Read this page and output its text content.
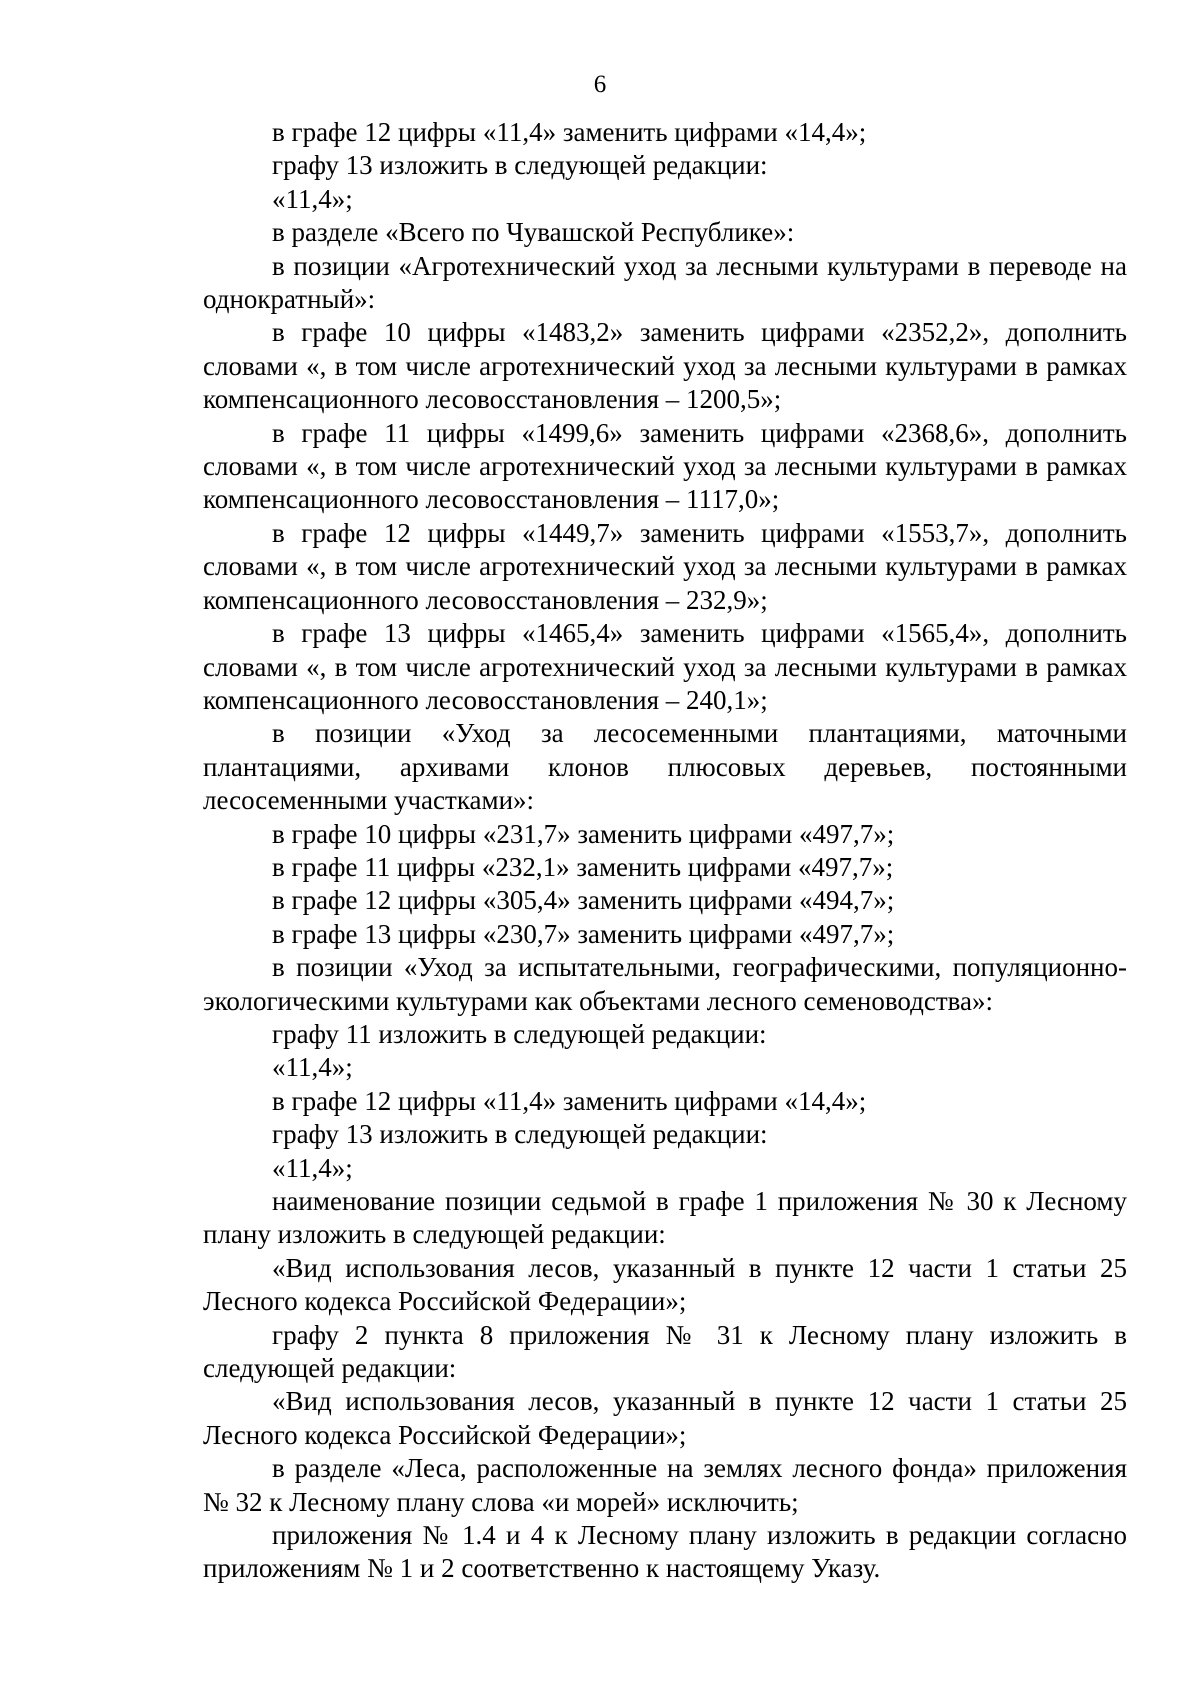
6

в графе 12 цифры «11,4» заменить цифрами «14,4»;

графу 13 изложить в следующей редакции:

«11,4»;

в разделе «Всего по Чувашской Республике»:

в позиции «Агротехнический уход за лесными культурами в переводе на однократный»:

в графе 10 цифры «1483,2» заменить цифрами «2352,2», дополнить словами «, в том числе агротехнический уход за лесными культурами в рамках компенсационного лесовосстановления – 1200,5»;

в графе 11 цифры «1499,6» заменить цифрами «2368,6», дополнить словами «, в том числе агротехнический уход за лесными культурами в рамках компенсационного лесовосстановления – 1117,0»;

в графе 12 цифры «1449,7» заменить цифрами «1553,7», дополнить словами «, в том числе агротехнический уход за лесными культурами в рамках компенсационного лесовосстановления – 232,9»;

в графе 13 цифры «1465,4» заменить цифрами «1565,4», дополнить словами «, в том числе агротехнический уход за лесными культурами в рамках компенсационного лесовосстановления – 240,1»;

в позиции «Уход за лесосеменными плантациями, маточными плантациями, архивами клонов плюсовых деревьев, постоянными лесосеменными участками»:

в графе 10 цифры «231,7» заменить цифрами «497,7»;

в графе 11 цифры «232,1» заменить цифрами «497,7»;

в графе 12 цифры «305,4» заменить цифрами «494,7»;

в графе 13 цифры «230,7» заменить цифрами «497,7»;

в позиции «Уход за испытательными, географическими, популяционно-экологическими культурами как объектами лесного семеноводства»:

графу 11 изложить в следующей редакции:

«11,4»;

в графе 12 цифры «11,4» заменить цифрами «14,4»;

графу 13 изложить в следующей редакции:

«11,4»;

наименование позиции седьмой в графе 1 приложения № 30 к Лесному плану изложить в следующей редакции:

«Вид использования лесов, указанный в пункте 12 части 1 статьи 25 Лесного кодекса Российской Федерации»;

графу 2 пункта 8 приложения № 31 к Лесному плану изложить в следующей редакции:

«Вид использования лесов, указанный в пункте 12 части 1 статьи 25 Лесного кодекса Российской Федерации»;

в разделе «Леса, расположенные на землях лесного фонда» приложения № 32 к Лесному плану слова «и морей» исключить;

приложения № 1.4 и 4 к Лесному плану изложить в редакции согласно приложениям № 1 и 2 соответственно к настоящему Указу.
